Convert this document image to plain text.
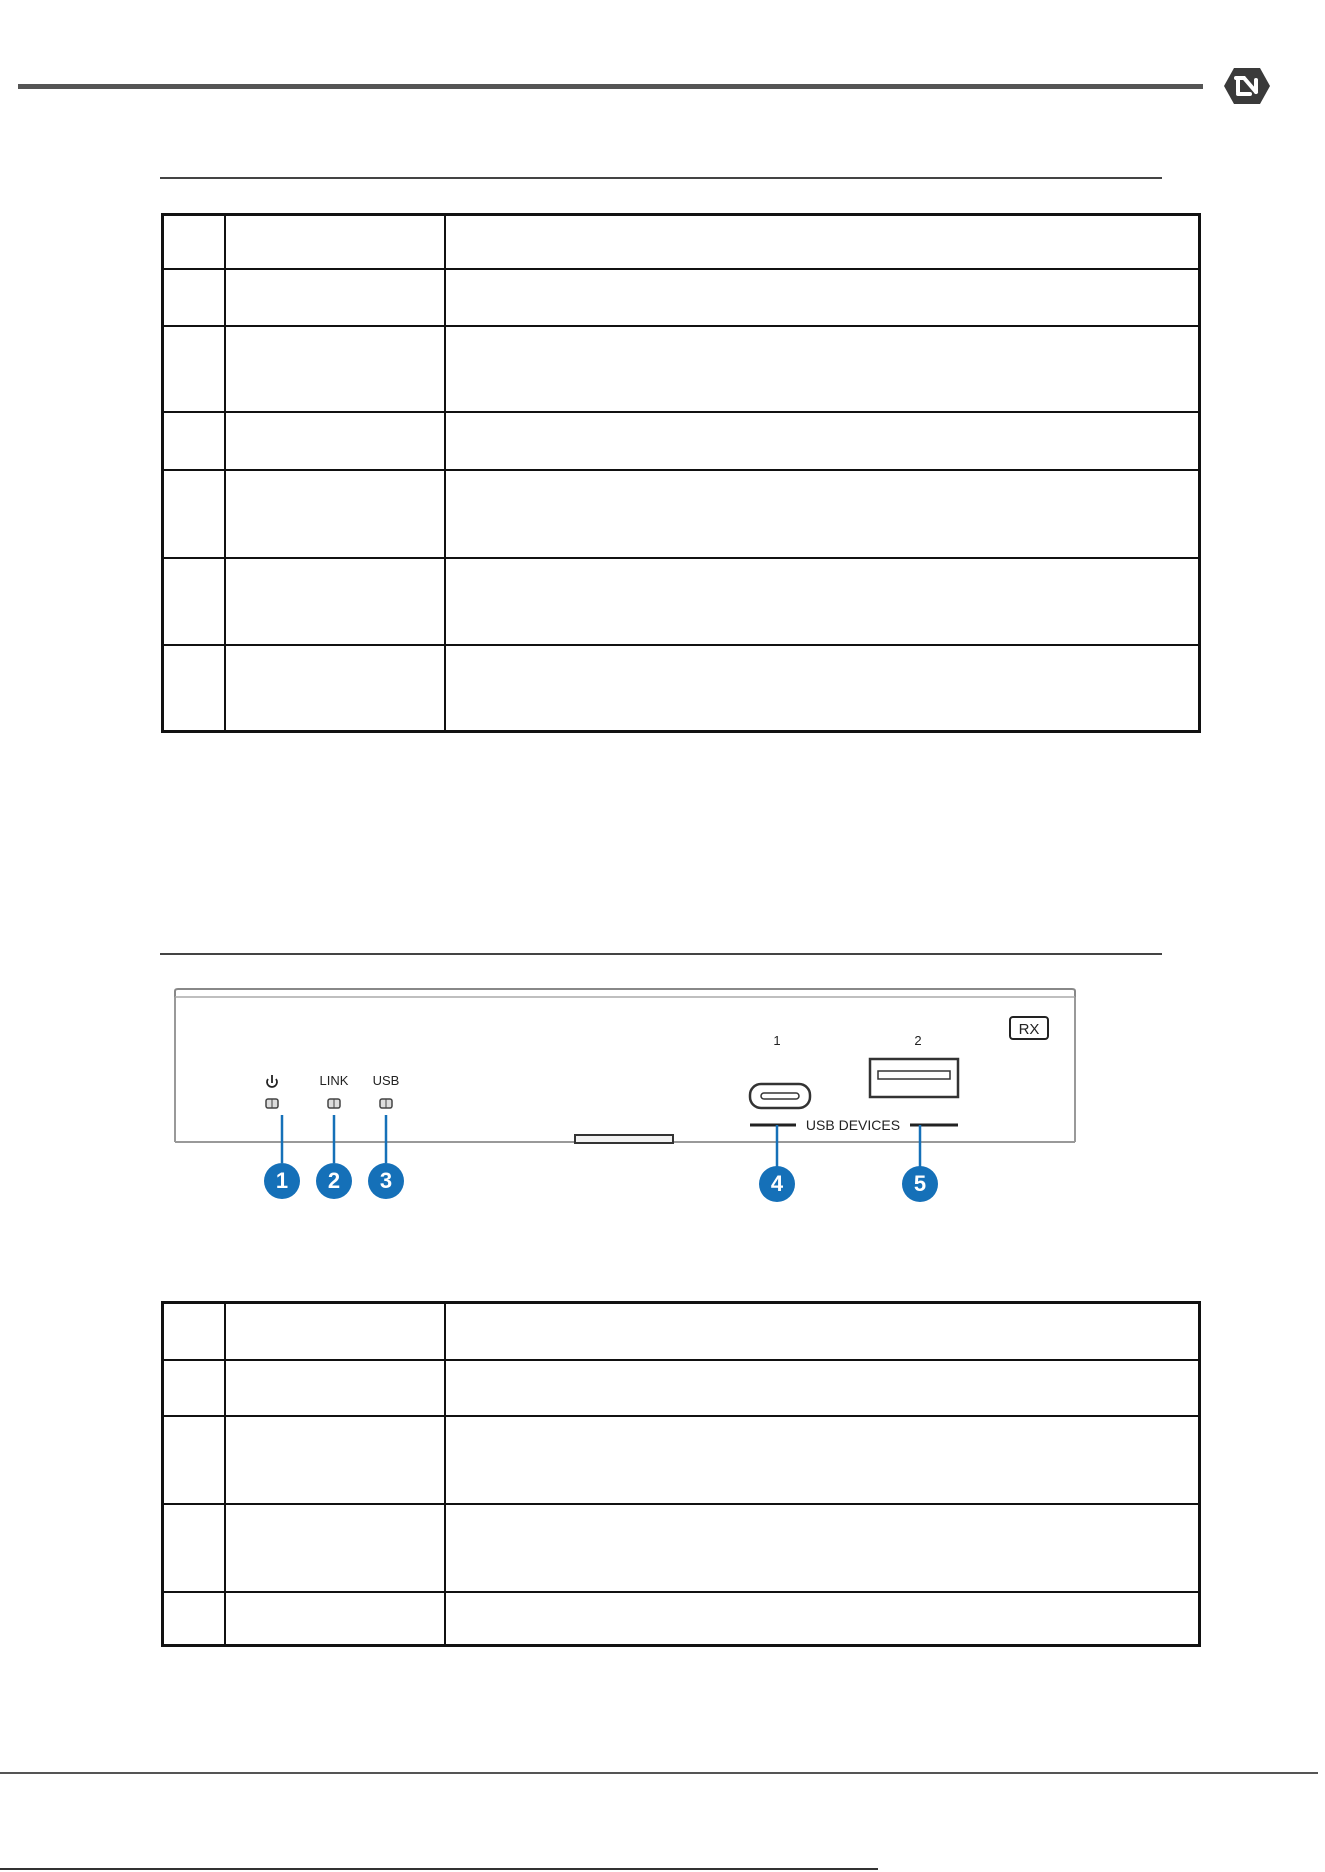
RX
LINK USB
1	2
USB DEVICES
1 2 3	4	5
